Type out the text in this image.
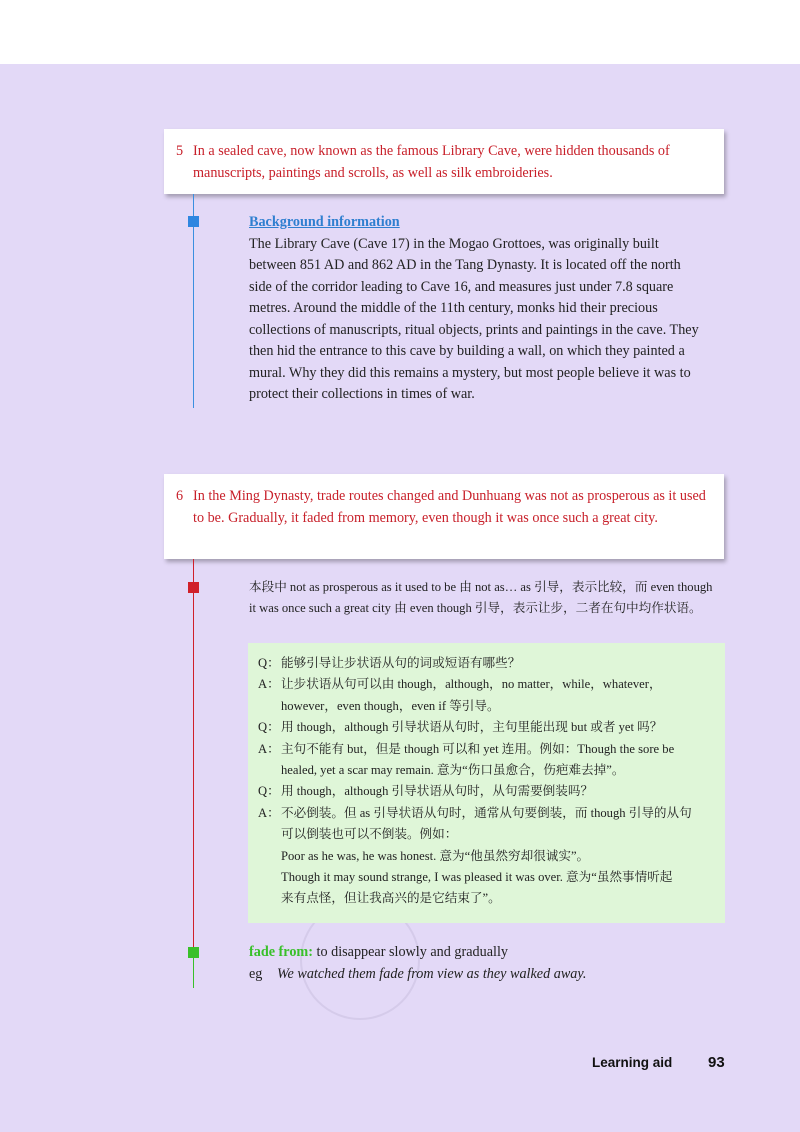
5 In a sealed cave, now known as the famous Library Cave, were hidden thousands of manuscripts, paintings and scrolls, as well as silk embroideries.
Background information
The Library Cave (Cave 17) in the Mogao Grottoes, was originally built
between 851 AD and 862 AD in the Tang Dynasty. It is located off the north
side of the corridor leading to Cave 16, and measures just under 7.8 square
metres. Around the middle of the 11th century, monks hid their precious
collections of manuscripts, ritual objects, prints and paintings in the cave. They
then hid the entrance to this cave by building a wall, on which they painted a
mural. Why they did this remains a mystery, but most people believe it was to
protect their collections in times of war.
6 In the Ming Dynasty, trade routes changed and Dunhuang was not as prosperous as it used to be. Gradually, it faded from memory, even though it was once such a great city.
本段中 not as prosperous as it used to be 由 not as… as 引导，表示比较，而 even though
it was once such a great city 由 even though 引导，表示让步，二者在句中均作状语。
Q： 能够引导让步状语从句的词或短语有哪些？
A： 让步状语从句可以由 though，although，no matter，while，whatever，
however，even though，even if 等引导。
Q： 用 though，although 引导状语从句时，主句里能出现 but 或者 yet 吗？
A： 主句不能有 but，但是 though 可以和 yet 连用。例如：Though the sore be
healed, yet a scar may remain. 意为“伤口虽愈合，伤疤难去掉”。
Q： 用 though，although 引导状语从句时，从句需要倒装吗？
A： 不必倒装。但 as 引导状语从句时，通常从句要倒装，而 though 引导的从句
可以倒装也可以不倒装。例如：
Poor as he was, he was honest. 意为“他虽然穷却很诚实”。
Though it may sound strange, I was pleased it was over. 意为“虽然事情听起
来有点怪，但让我高兴的是它结束了”。
fade from: to disappear slowly and gradually
eg We watched them fade from view as they walked away.
Learning aid 93
